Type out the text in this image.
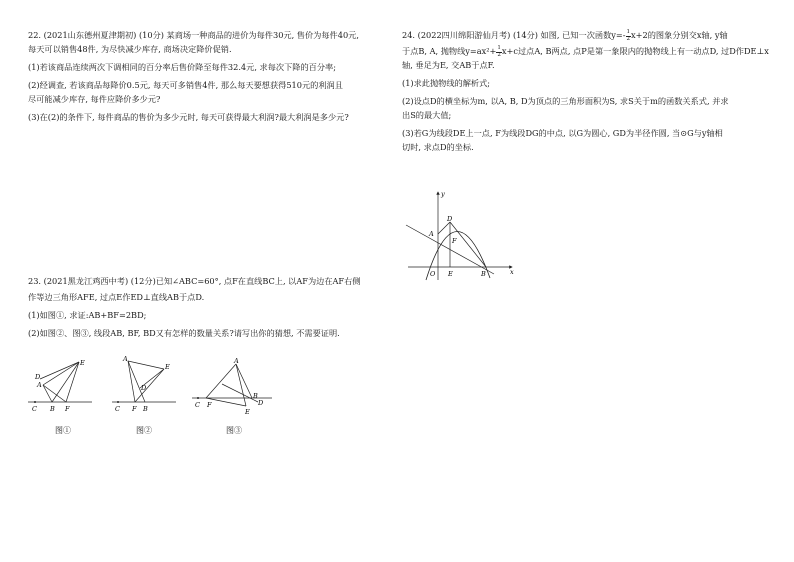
22. (2021山东德州夏津期初) (10分) 某商场一种商品的进价为每件30元, 售价为每件40元,

每天可以销售48件, 为尽快减少库存, 商场决定降价促销.

(1)若该商品连续两次下调相同的百分率后售价降至每件32.4元, 求每次下降的百分率;

(2)经调查, 若该商品每降价0.5元, 每天可多销售4件, 那么每天要想获得510元的利润且

尽可能减少库存, 每件应降价多少元?

(3)在(2)的条件下, 每件商品的售价为多少元时, 每天可获得最大利润?最大利润是多少元?

23. (2021黑龙江鸡西中考) (12分)已知∠ABC=60°, 点F在直线BC上, 以AF为边在AF右侧

作等边三角形AFE, 过点E作ED⊥直线AB于点D.

(1)如图①, 求证:AB+BF=2BD;

(2)如图②、图③, 线段AB, BF, BD又有怎样的数量关系?请写出你的猜想, 不需要证明.

C B F
A
D
E
图①
A
E
D
C F B
图②
A
C F
B
D
E
图③

24. (2022四川绵阳游仙月考) (14分) 如图, 已知一次函数$y=- \frac{1}{2} x+2$的图象分别交x轴, y轴

于点B, A, 抛物线$y=ax^2+ \frac{1}{2} x+c$过点A, B两点, 点P是第一象限内的抛物线上有一动点D, 过D作DE⊥x

轴, 垂足为E, 交AB于点F.

(1)求此抛物线的解析式;

(2)设点D的横坐标为m, 以A, B, D为顶点的三角形面积为S, 求S关于m的函数关系式, 并求

出S的最大值;

(3)若G为线段DE上一点, F为线段DG的中点, 以G为圆心, GD为半径作圆, 当⊙G与y轴相

切时, 求点D的坐标.

y
x
D
A
F
O E	B
